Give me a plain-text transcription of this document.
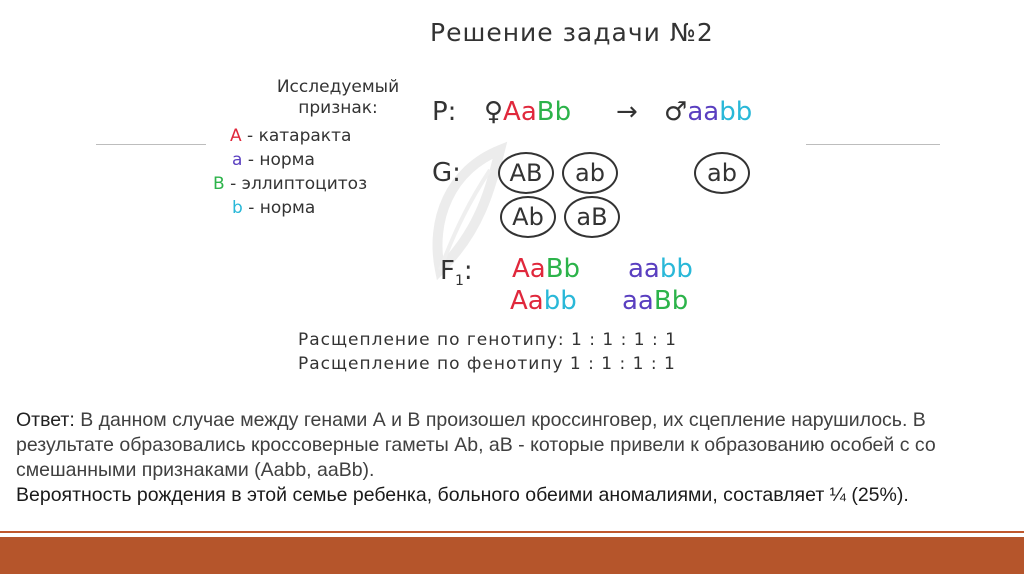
Решение задачи №2
Исследуемый
признак:
А - катаракта
а - норма
В - эллиптоцитоз
b - норма
P: ♀AaBb → ♂aabb
G:	AB	ab
Ab	aB
ab
$F_1$: AaBb aabb
Aabb aaBb
Расщепление по генотипу: 1 : 1 : 1 : 1
Расщепление по фенотипу 1 : 1 : 1 : 1
Ответ: В данном случае между генами А и В произошел кроссинговер, их сцепление нарушилось. В результате образовались кроссоверные гаметы Ab, aB - которые привели к образованию особей с со смешанными признаками (Aabb, aaBb).
Вероятность рождения в этой семье ребенка, больного обеими аномалиями, составляет ¼ (25%).
